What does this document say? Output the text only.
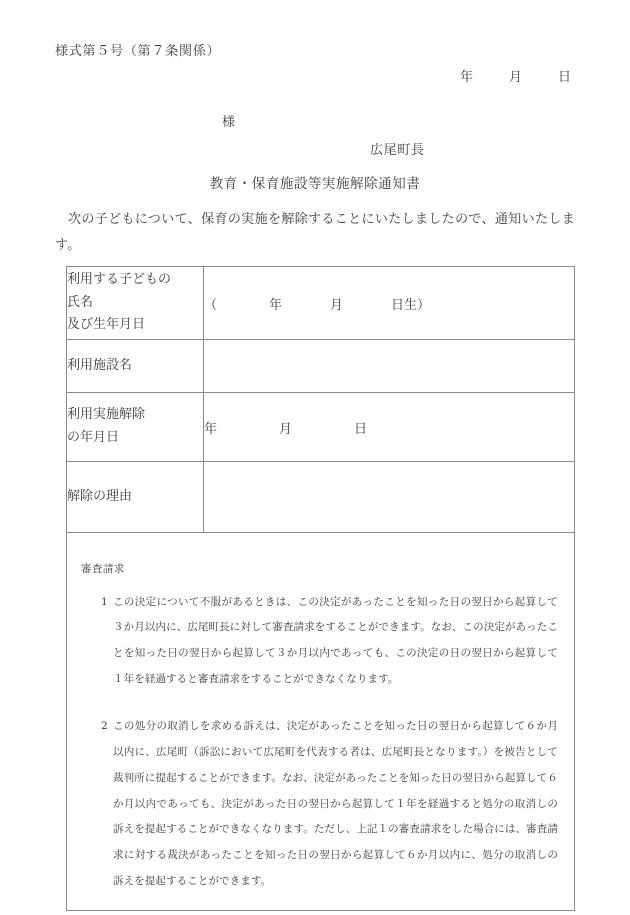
様式第５号（第７条関係）
年	月	日
様
広尾町長
教育・保育施設等実施解除通知書
次の子どもについて、保育の実施を解除することにいたしましたので、通知いたします。
利用する子どもの
氏名
及び生年月日	（ 年 月 日生）

利用施設名	

利用実施解除
の年月日	年 月 日

解除の理由	

審査請求
1 この決定について不服があるときは、この決定があったことを知った日の翌日から起算して３か月以内に、広尾町長に対して審査請求をすることができます。なお、この決定があったことを知った日の翌日から起算して３か月以内であっても、この決定の日の翌日から起算して１年を経過すると審査請求をすることができなくなります。
2 この処分の取消しを求める訴えは、決定があったことを知った日の翌日から起算して６か月以内に、広尾町（訴訟において広尾町を代表する者は、広尾町長となります。）を被告として裁判所に提起することができます。なお、決定があったことを知った日の翌日から起算して６か月以内であっても、決定があった日の翌日から起算して１年を経過すると処分の取消しの訴えを提起することができなくなります。ただし、上記１の審査請求をした場合には、審査請求に対する裁決があったことを知った日の翌日から起算して６か月以内に、処分の取消しの訴えを提起することができます。	
